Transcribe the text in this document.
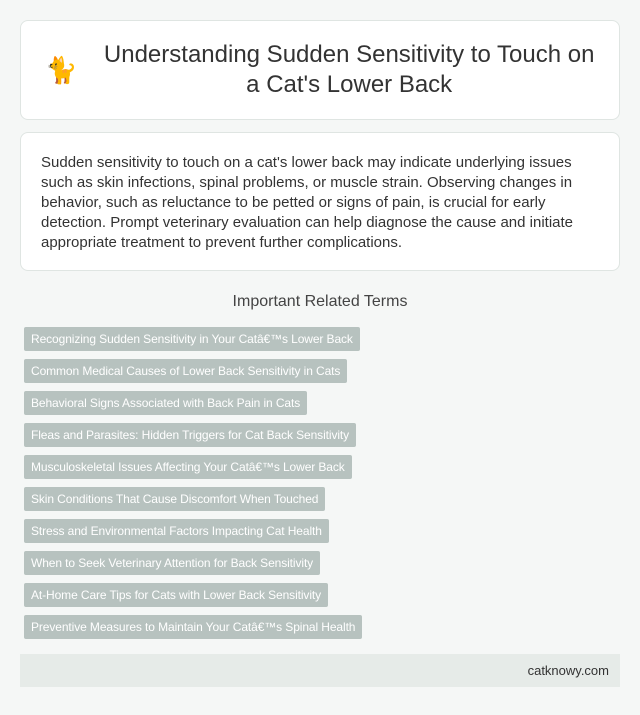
🐈
Understanding Sudden Sensitivity to Touch on a Cat's Lower Back

Sudden sensitivity to touch on a cat's lower back may indicate underlying issues such as skin infections, spinal problems, or muscle strain. Observing changes in behavior, such as reluctance to be petted or signs of pain, is crucial for early detection. Prompt veterinary evaluation can help diagnose the cause and initiate appropriate treatment to prevent further complications.

Important Related Terms
Recognizing Sudden Sensitivity in Your Catâ€™s Lower Back
Common Medical Causes of Lower Back Sensitivity in Cats
Behavioral Signs Associated with Back Pain in Cats
Fleas and Parasites: Hidden Triggers for Cat Back Sensitivity
Musculoskeletal Issues Affecting Your Catâ€™s Lower Back
Skin Conditions That Cause Discomfort When Touched
Stress and Environmental Factors Impacting Cat Health
When to Seek Veterinary Attention for Back Sensitivity
At-Home Care Tips for Cats with Lower Back Sensitivity
Preventive Measures to Maintain Your Catâ€™s Spinal Health
catknowy.com
